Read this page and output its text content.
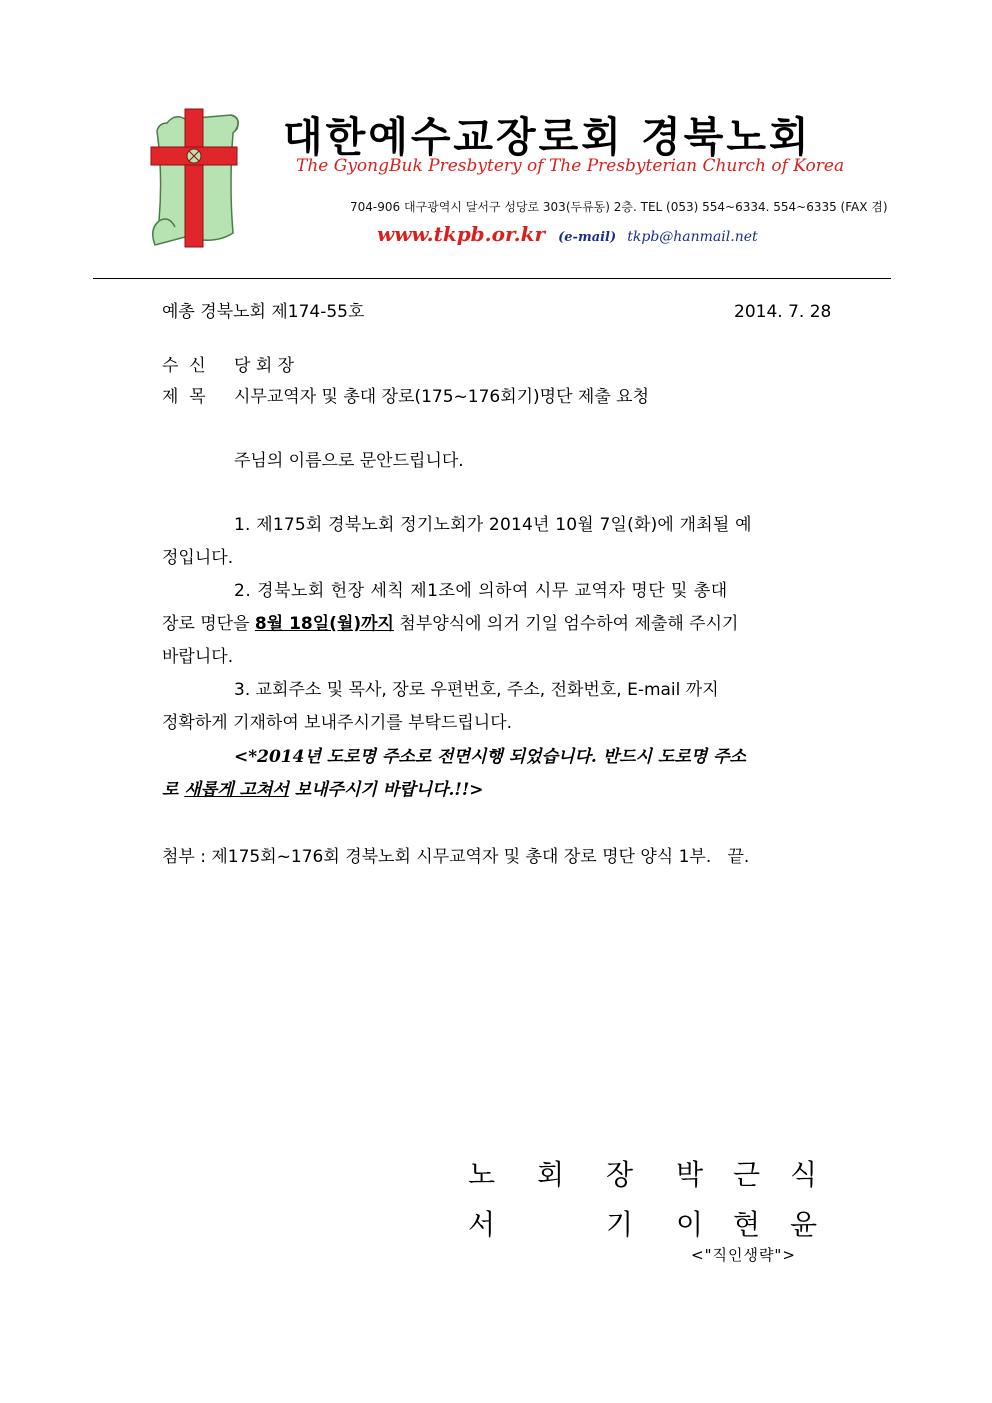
대한예수교장로회 경북노회
The GyongBuk Presbytery of The Presbyterian Church of Korea
704-906 대구광역시 달서구 성당로 303(두류동) 2층. TEL (053) 554~6334. 554~6335 (FAX 겸)
www.tkpb.or.kr (e-mail) tkpb@hanmail.net
예총 경북노회 제174-55호	2014. 7. 28
수  신 당 회 장
제  목 시무교역자 및 총대 장로(175~176회기)명단 제출 요청
주님의 이름으로 문안드립니다.
1. 제175회 경북노회 정기노회가 2014년 10월 7일(화)에 개최될 예
정입니다.
2. 경북노회 헌장 세칙 제1조에 의하여 시무 교역자 명단 및 총대
장로 명단을 8월 18일(월)까지 첨부양식에 의거 기일 엄수하여 제출해 주시기
바랍니다.
3. 교회주소 및 목사, 장로 우편번호, 주소, 전화번호, E-mail 까지
정확하게 기재하여 보내주시기를 부탁드립니다.
<*2014년 도로명 주소로 전면시행 되었습니다. 반드시 도로명 주소
로 새롭게 고쳐서 보내주시기 바랍니다.!!>
첨부 : 제175회~176회 경북노회 시무교역자 및 총대 장로 명단 양식 1부.   끝.
노 회 장 박 근 식
서	기 이 현 윤
<"직인생략">
